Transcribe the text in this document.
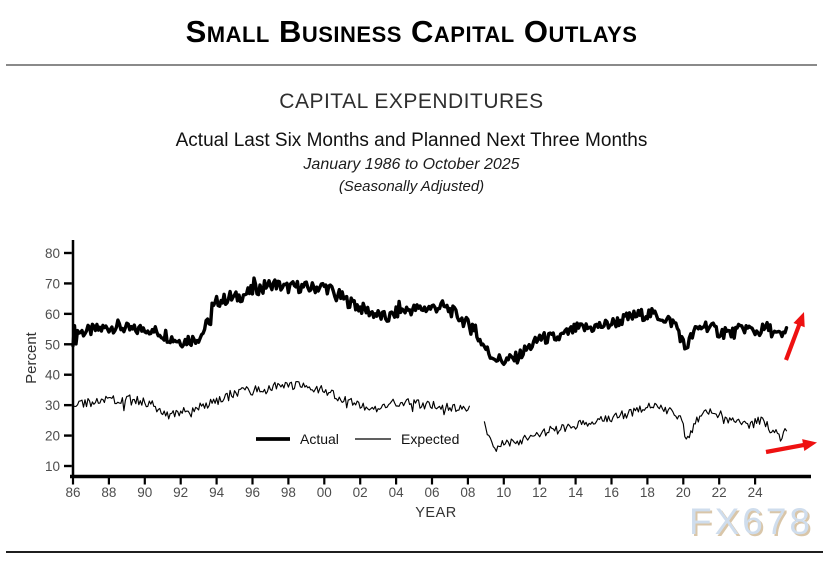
Small Business Capital Outlays
CAPITAL EXPENDITURES
Actual Last Six Months and Planned Next Three Months
January 1986 to October 2025
(Seasonally Adjusted)
10
20
30
40
50
60
70
80
86 88 90 92 94 96 98 00 02 04 06 08 10 12 14 16 18 20 22 24
Percent
YEAR
Actual	Expected
FX678
